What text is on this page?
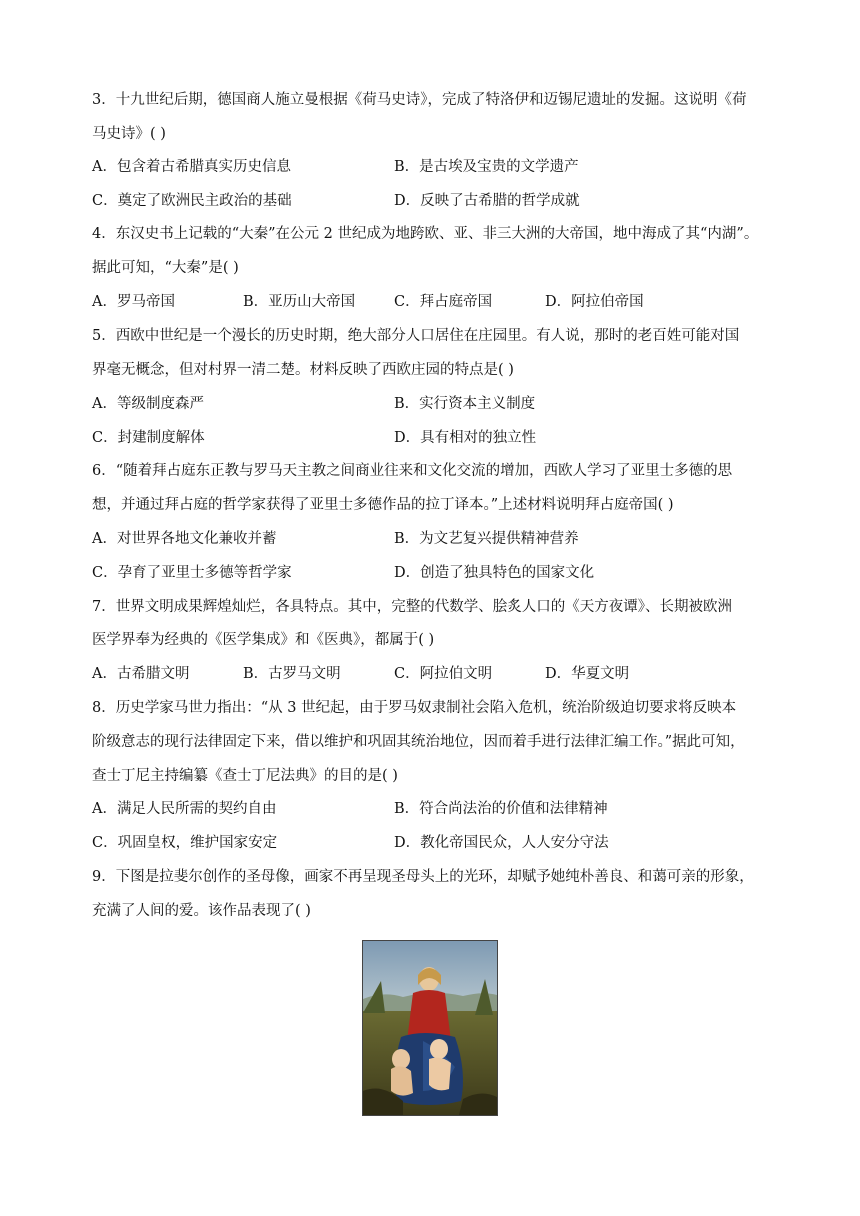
3．十九世纪后期，德国商人施立曼根据《荷马史诗》，完成了特洛伊和迈锡尼遗址的发掘。这说明《荷
马史诗》( )
A．包含着古希腊真实历史信息	B．是古埃及宝贵的文学遗产
C．奠定了欧洲民主政治的基础	D．反映了古希腊的哲学成就
4．东汉史书上记载的“大秦”在公元 2 世纪成为地跨欧、亚、非三大洲的大帝国，地中海成了其“内湖”。
据此可知，“大秦”是( )
A．罗马帝国	B．亚历山大帝国	C．拜占庭帝国	D．阿拉伯帝国
5．西欧中世纪是一个漫长的历史时期，绝大部分人口居住在庄园里。有人说，那时的老百姓可能对国
界毫无概念，但对村界一清二楚。材料反映了西欧庄园的特点是( )
A．等级制度森严	B．实行资本主义制度
C．封建制度解体	D．具有相对的独立性
6．“随着拜占庭东正教与罗马天主教之间商业往来和文化交流的增加，西欧人学习了亚里士多德的思
想，并通过拜占庭的哲学家获得了亚里士多德作品的拉丁译本。”上述材料说明拜占庭帝国( )
A．对世界各地文化兼收并蓄	B．为文艺复兴提供精神营养
C．孕育了亚里士多德等哲学家	D．创造了独具特色的国家文化
7．世界文明成果辉煌灿烂，各具特点。其中，完整的代数学、脍炙人口的《天方夜谭》、长期被欧洲
医学界奉为经典的《医学集成》和《医典》，都属于( )
A．古希腊文明	B．古罗马文明	C．阿拉伯文明	D．华夏文明
8．历史学家马世力指出：“从 3 世纪起，由于罗马奴隶制社会陷入危机，统治阶级迫切要求将反映本
阶级意志的现行法律固定下来，借以维护和巩固其统治地位，因而着手进行法律汇编工作。”据此可知，
查士丁尼主持编纂《查士丁尼法典》的目的是( )
A．满足人民所需的契约自由	B．符合尚法治的价值和法律精神
C．巩固皇权，维护国家安定	D．教化帝国民众，人人安分守法
9．下图是拉斐尔创作的圣母像，画家不再呈现圣母头上的光环，却赋予她纯朴善良、和蔼可亲的形象，
充满了人间的爱。该作品表现了( )
